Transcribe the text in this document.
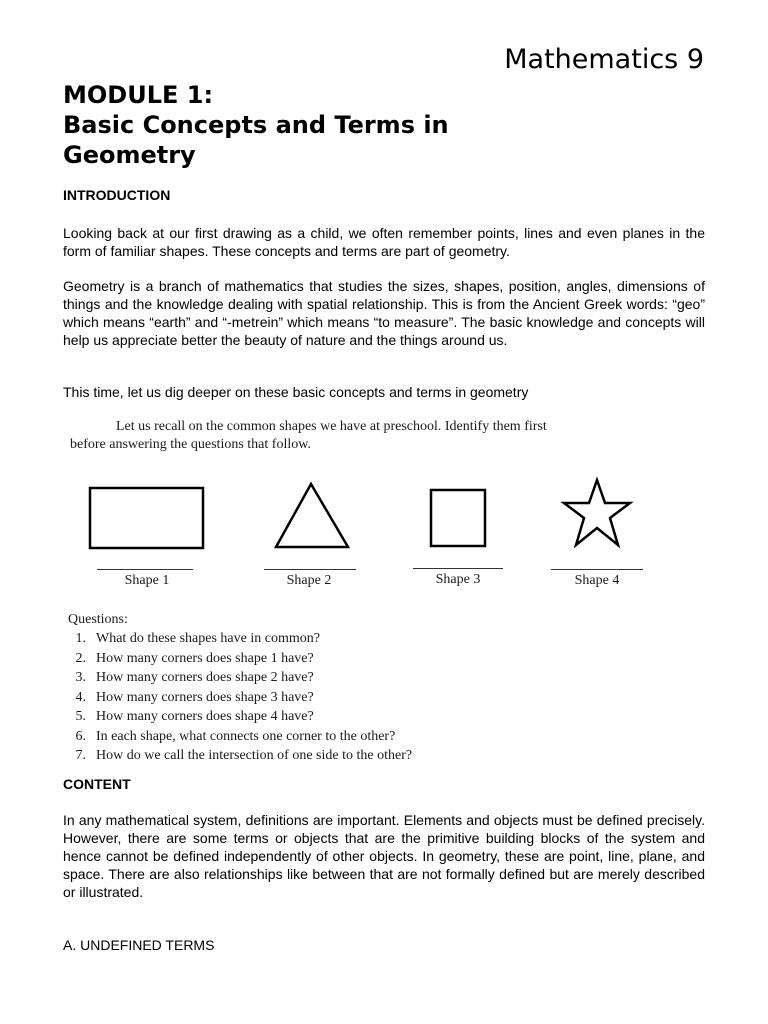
Mathematics 9
MODULE 1:
Basic Concepts and Terms in
Geometry
INTRODUCTION
Looking back at our first drawing as a child, we often remember points, lines and even planes in the form of familiar shapes. These concepts and terms are part of geometry.
Geometry is a branch of mathematics that studies the sizes, shapes, position, angles, dimensions of things and the knowledge dealing with spatial relationship. This is from the Ancient Greek words: “geo” which means “earth” and “-metrein” which means “to measure”. The basic knowledge and concepts will help us appreciate better the beauty of nature and the things around us.
This time, let us dig deeper on these basic concepts and terms in geometry
Let us recall on the common shapes we have at preschool. Identify them first
before answering the questions that follow.
Shape 1	Shape 2	Shape 3	Shape 4
Questions:
1. What do these shapes have in common?
2. How many corners does shape 1 have?
3. How many corners does shape 2 have?
4. How many corners does shape 3 have?
5. How many corners does shape 4 have?
6. In each shape, what connects one corner to the other?
7. How do we call the intersection of one side to the other?
CONTENT
In any mathematical system, definitions are important. Elements and objects must be defined precisely. However, there are some terms or objects that are the primitive building blocks of the system and hence cannot be defined independently of other objects. In geometry, these are point, line, plane, and space. There are also relationships like between that are not formally defined but are merely described or illustrated.
A. UNDEFINED TERMS
